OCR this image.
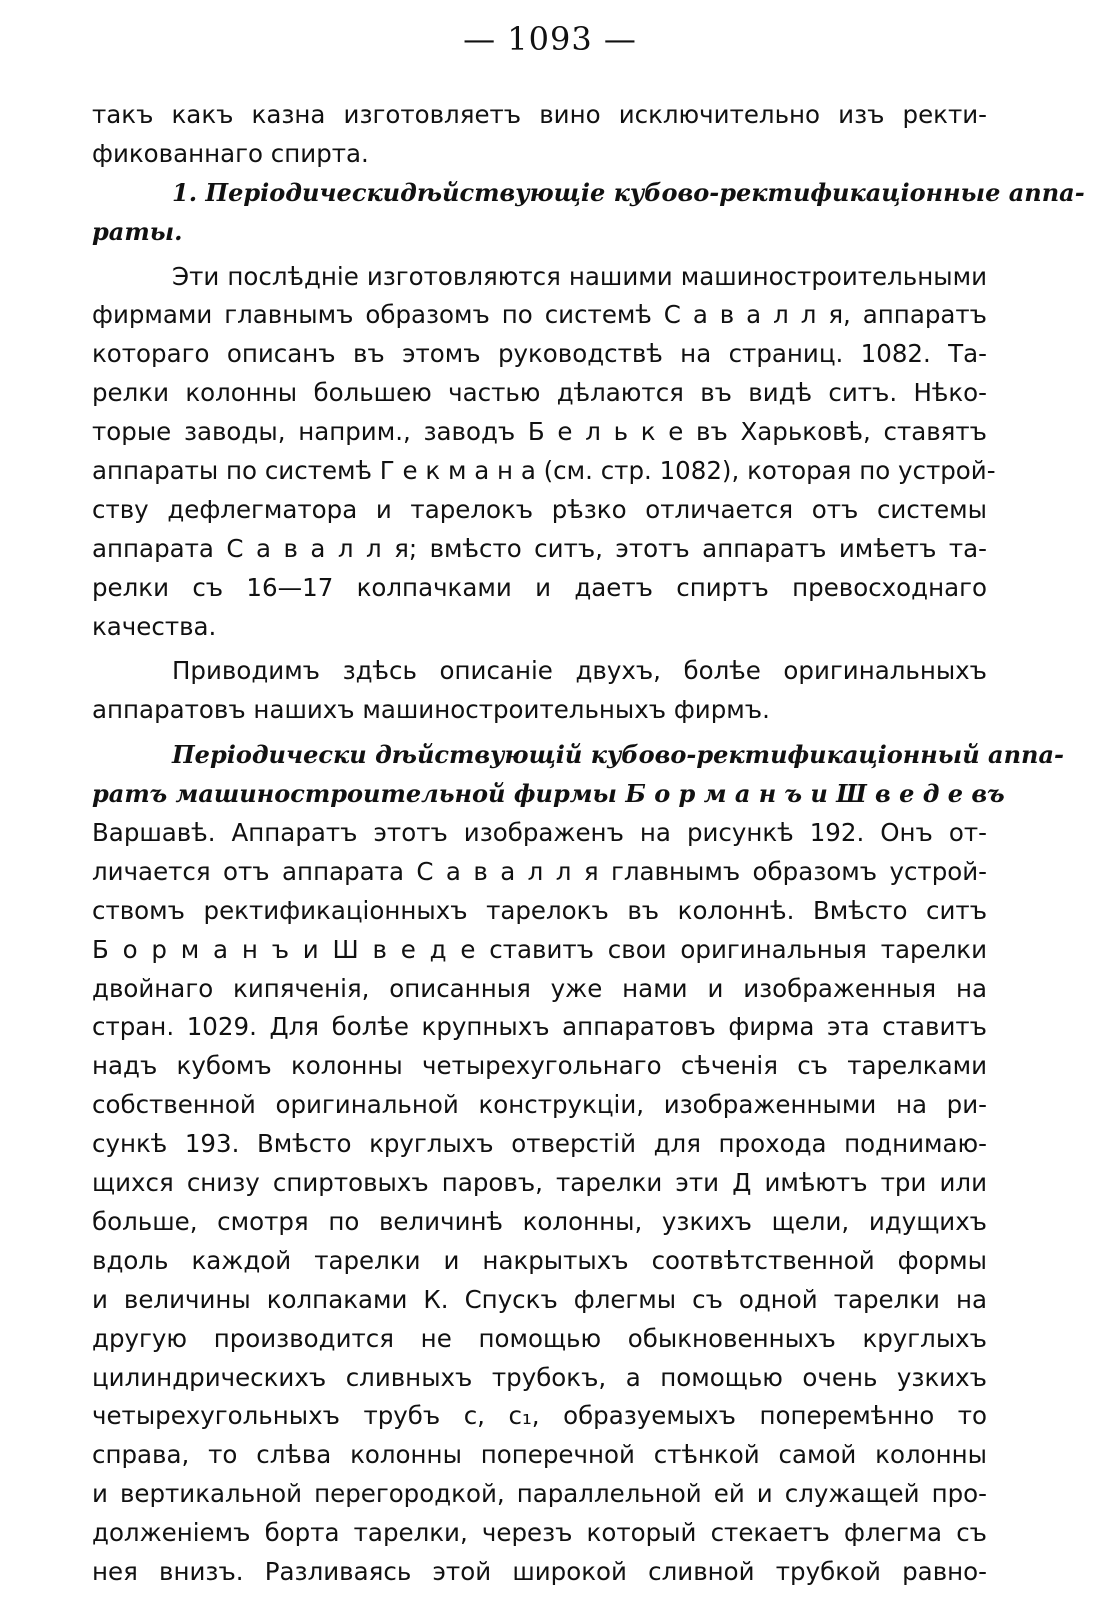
— 1093 —
такъ какъ казна изготовляетъ вино исключительно изъ ректи-
фикованнаго спирта.
1. Періодическидѣйствующіе кубово-ректификаціонные аппа-
раты.
Эти послѣдніе изготовляются нашими машиностроительными
фирмами главнымъ образомъ по системѣ С а в а л л я, аппаратъ
котораго описанъ въ этомъ руководствѣ на страниц. 1082. Та-
релки колонны большею частью дѣлаются въ видѣ ситъ. Нѣко-
торые заводы, наприм., заводъ Б е л ь к е въ Харьковѣ, ставятъ
аппараты по системѣ Г е к м а н а (см. стр. 1082), которая по устрой-
ству дефлегматора и тарелокъ рѣзко отличается отъ системы
аппарата С а в а л л я; вмѣсто ситъ, этотъ аппаратъ имѣетъ та-
релки съ 16—17 колпачками и даетъ спиртъ превосходнаго
качества.
Приводимъ здѣсь описаніе двухъ, болѣе оригинальныхъ
аппаратовъ нашихъ машиностроительныхъ фирмъ.
Періодически дѣйствующій кубово-ректификаціонный аппа-
ратъ машиностроительной фирмы Б о р м а н ъ и Ш в е д е въ
Варшавѣ. Аппаратъ этотъ изображенъ на рисункѣ 192. Онъ от-
личается отъ аппарата С а в а л л я главнымъ образомъ устрой-
ствомъ ректификаціонныхъ тарелокъ въ колоннѣ. Вмѣсто ситъ
Б о р м а н ъ и Ш в е д е ставитъ свои оригинальныя тарелки
двойнаго кипяченія, описанныя уже нами и изображенныя на
стран. 1029. Для болѣе крупныхъ аппаратовъ фирма эта ставитъ
надъ кубомъ колонны четырехугольнаго сѣченія съ тарелками
собственной оригинальной конструкціи, изображенными на ри-
сункѣ 193. Вмѣсто круглыхъ отверстій для прохода поднимаю-
щихся снизу спиртовыхъ паровъ, тарелки эти Д имѣютъ три или
больше, смотря по величинѣ колонны, узкихъ щели, идущихъ
вдоль каждой тарелки и накрытыхъ соотвѣтственной формы
и величины колпаками К. Спускъ флегмы съ одной тарелки на
другую производится не помощью обыкновенныхъ круглыхъ
цилиндрическихъ сливныхъ трубокъ, а помощью очень узкихъ
четырехугольныхъ трубъ с, с₁, образуемыхъ поперемѣнно то
справа, то слѣва колонны поперечной стѣнкой самой колонны
и вертикальной перегородкой, параллельной ей и служащей про-
долженіемъ борта тарелки, черезъ который стекаетъ флегма съ
нея внизъ. Разливаясь этой широкой сливной трубкой равно-
